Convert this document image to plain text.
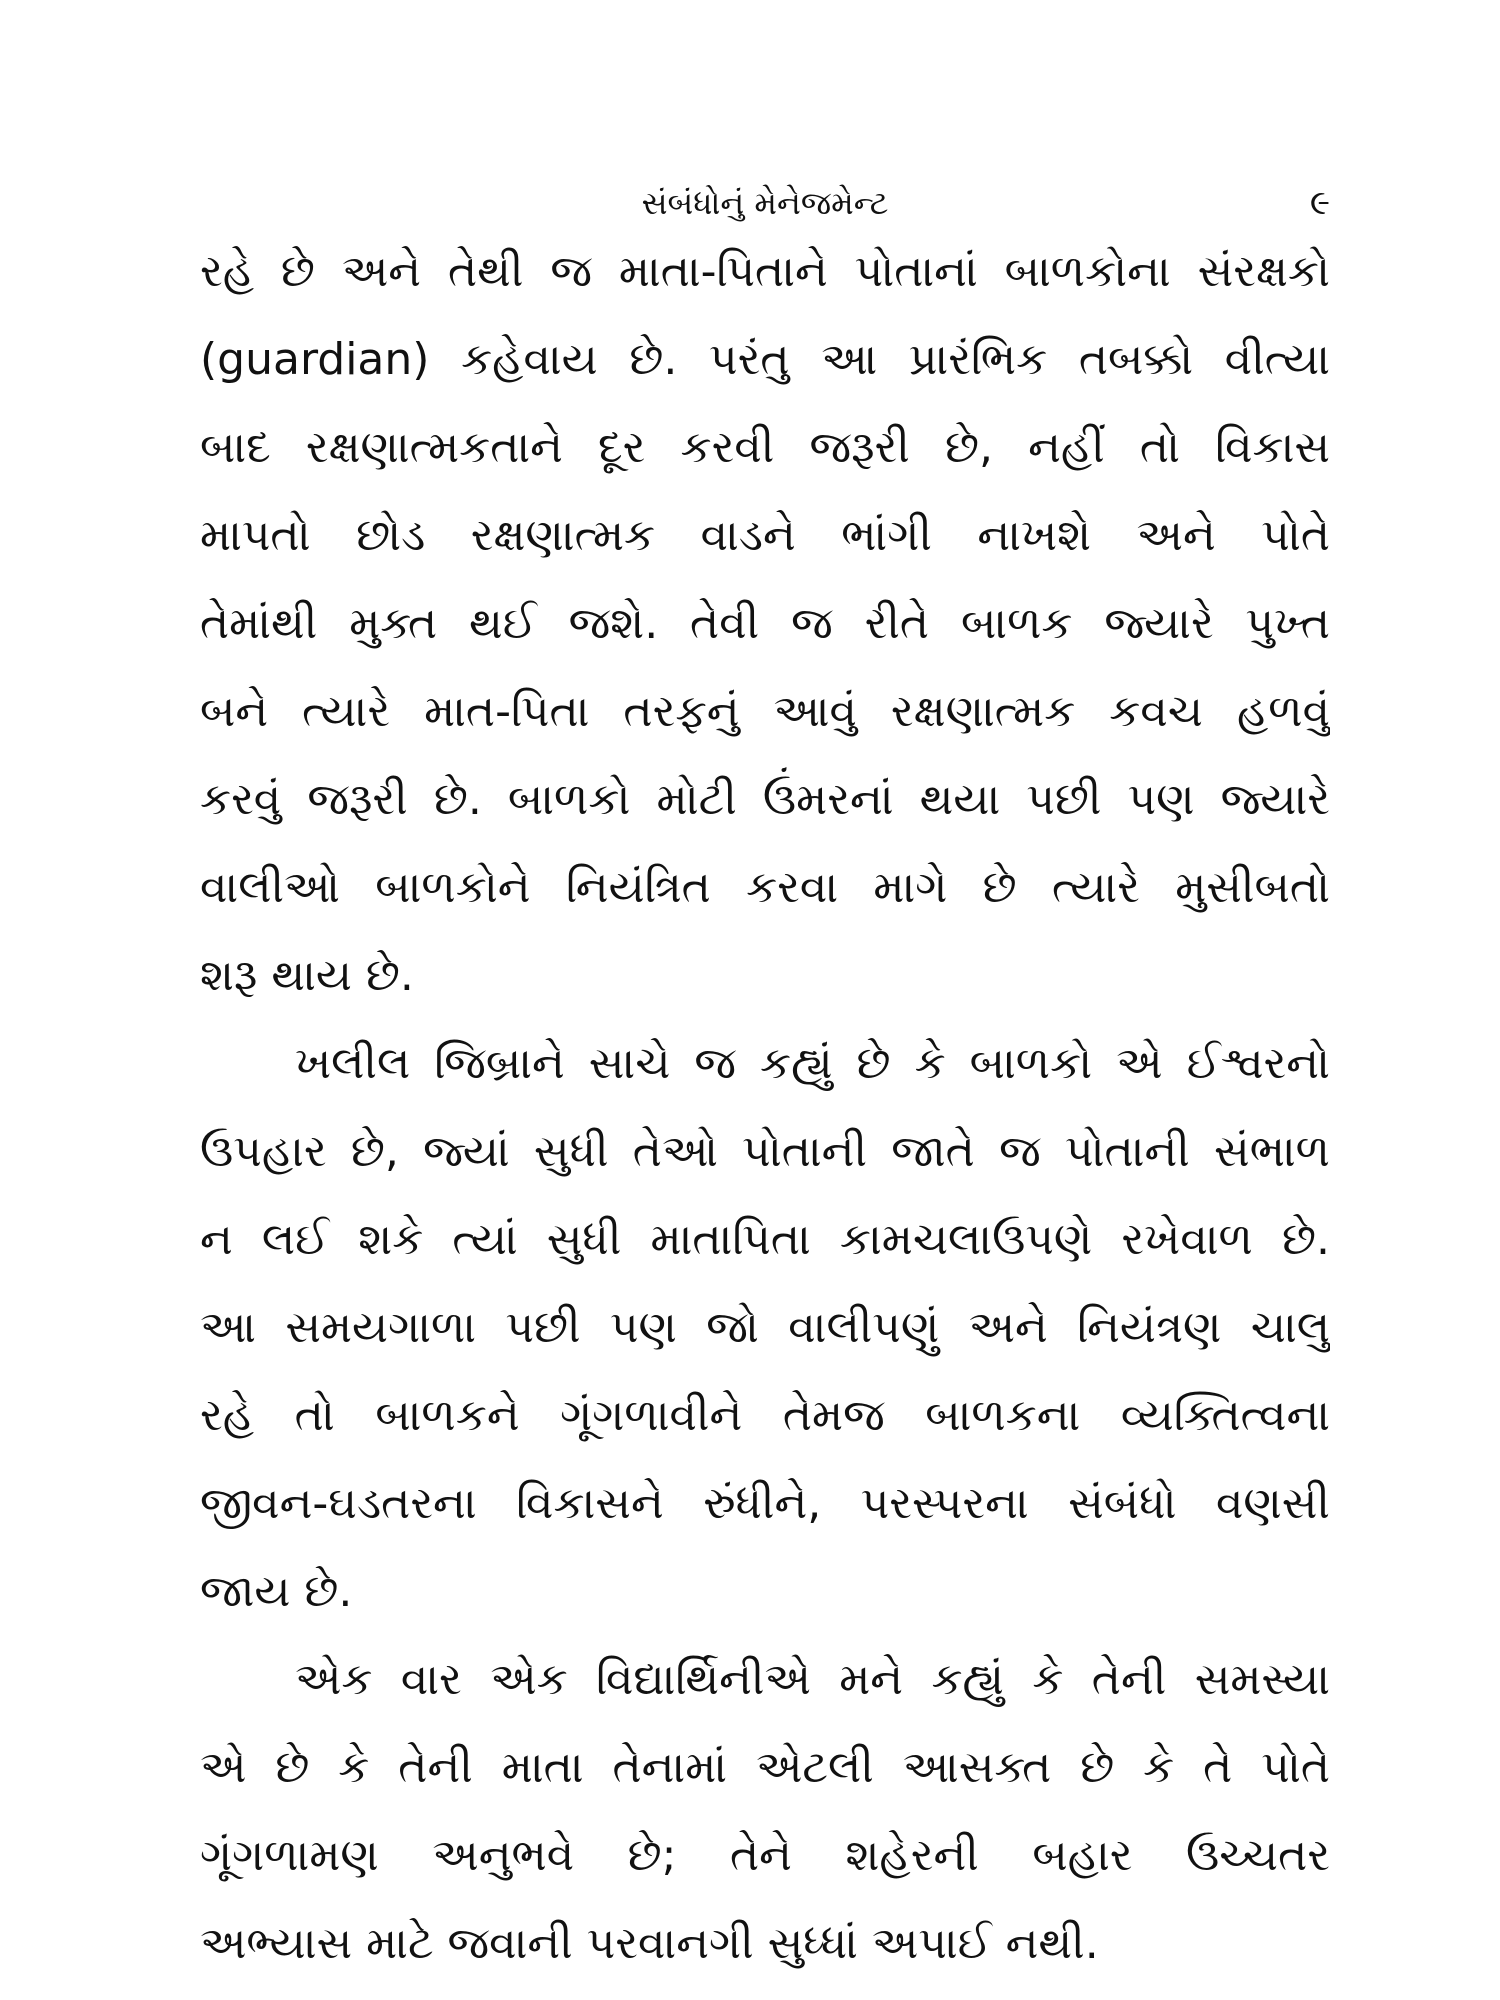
સંબંધોનું મેનેજમેન્ટ	૯
રહે છે અને તેથી જ માતા-પિતાને પોતાનાં બાળકોના સંરક્ષકો
(guardian) કહેવાય છે. પરંતુ આ પ્રારંભિક તબક્કો વીત્યા
બાદ રક્ષણાત્મકતાને દૂર કરવી જરૂરી છે, નહીં તો વિકાસ
માપતો છોડ રક્ષણાત્મક વાડને ભાંગી નાખશે અને પોતે
તેમાંથી મુક્ત થઈ જશે. તેવી જ રીતે બાળક જ્યારે પુખ્ત
બને ત્યારે માત-પિતા તરફનું આવું રક્ષણાત્મક કવચ હળવું
કરવું જરૂરી છે. બાળકો મોટી ઉંમરનાં થયા પછી પણ જ્યારે
વાલીઓ બાળકોને નિયંત્રિત કરવા માગે છે ત્યારે મુસીબતો
શરૂ થાય છે.
ખલીલ જિબ્રાને સાચે જ કહ્યું છે કે બાળકો એ ઈશ્વરનો
ઉપહાર છે, જ્યાં સુધી તેઓ પોતાની જાતે જ પોતાની સંભાળ
ન લઈ શકે ત્યાં સુધી માતાપિતા કામચલાઉપણે રખેવાળ છે.
આ સમયગાળા પછી પણ જો વાલીપણું અને નિયંત્રણ ચાલુ
રહે તો બાળકને ગૂંગળાવીને તેમજ બાળકના વ્યક્તિત્વના
જીવન-ઘડતરના વિકાસને રુંધીને, પરસ્પરના સંબંધો વણસી
જાય છે.
એક વાર એક વિદ્યાર્થિનીએ મને કહ્યું કે તેની સમસ્યા
એ છે કે તેની માતા તેનામાં એટલી આસક્ત છે કે તે પોતે
ગૂંગળામણ અનુભવે છે; તેને શહેરની બહાર ઉચ્ચતર
અભ્યાસ માટે જવાની પરવાનગી સુધ્ધાં અપાઈ નથી.
